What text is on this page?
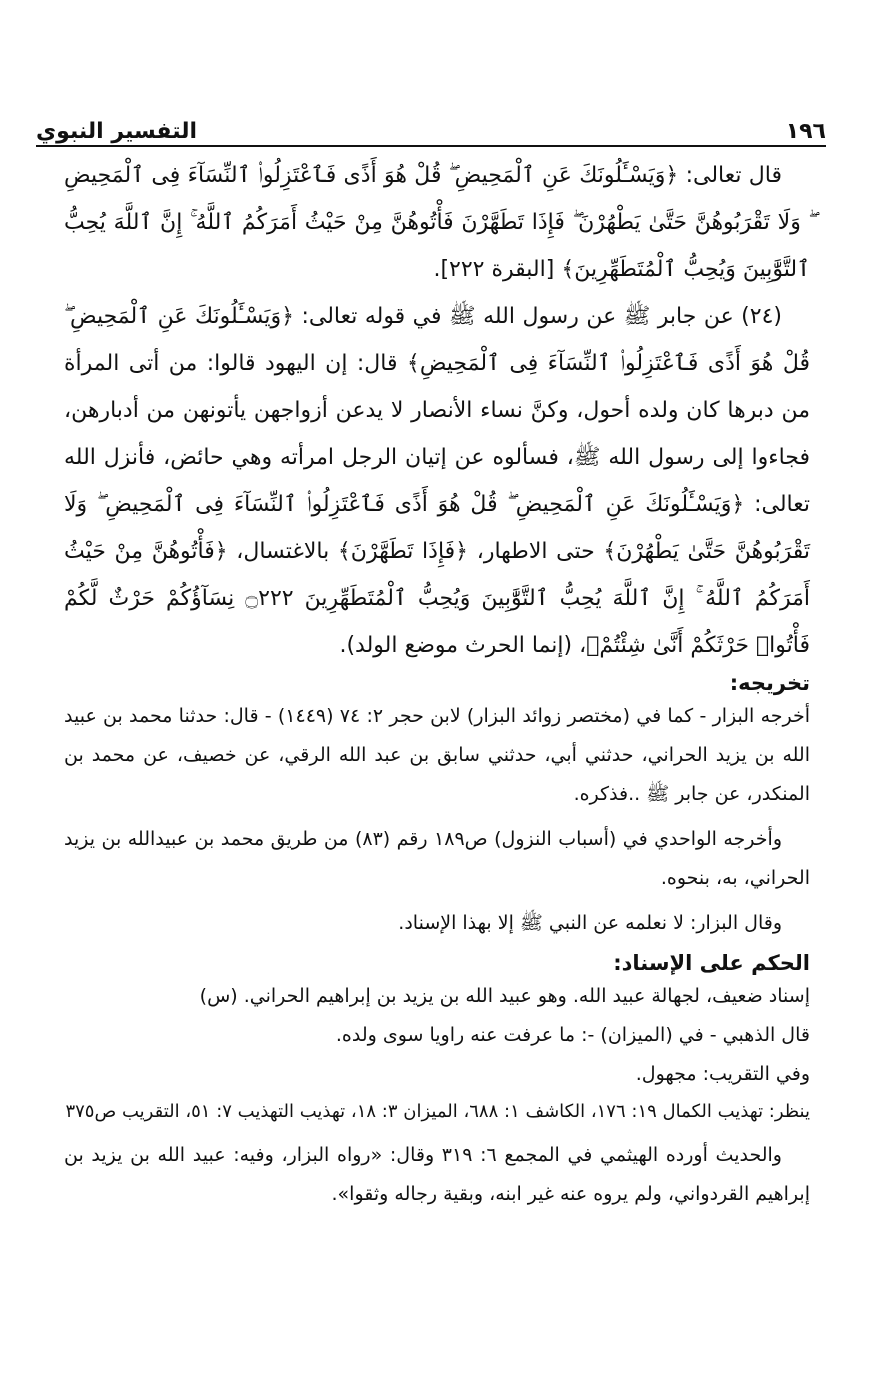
١٩٦
التفسير النبوي

قال تعالى: ﴿وَيَسْـَٔلُونَكَ عَنِ ٱلْمَحِيضِ ۖ قُلْ هُوَ أَذًى فَٱعْتَزِلُوا۟ ٱلنِّسَآءَ فِى ٱلْمَحِيضِ ۖ وَلَا تَقْرَبُوهُنَّ حَتَّىٰ يَطْهُرْنَ ۖ فَإِذَا تَطَهَّرْنَ فَأْتُوهُنَّ مِنْ حَيْثُ أَمَرَكُمُ ٱللَّهُ ۚ إِنَّ ٱللَّهَ يُحِبُّ ٱلتَّوَّٰبِينَ وَيُحِبُّ ٱلْمُتَطَهِّرِينَ﴾ [البقرة ٢٢٢].

(٢٤) عن جابر ﷺ عن رسول الله ﷺ في قوله تعالى: ﴿وَيَسْـَٔلُونَكَ عَنِ ٱلْمَحِيضِ ۖ قُلْ هُوَ أَذًى فَٱعْتَزِلُوا۟ ٱلنِّسَآءَ فِى ٱلْمَحِيضِ﴾ قال: إن اليهود قالوا: من أتى المرأة من دبرها كان ولده أحول، وكنَّ نساء الأنصار لا يدعن أزواجهن يأتونهن من أدبارهن، فجاءوا إلى رسول الله ﷺ، فسألوه عن إتيان الرجل امرأته وهي حائض، فأنزل الله تعالى: ﴿وَيَسْـَٔلُونَكَ عَنِ ٱلْمَحِيضِ ۖ قُلْ هُوَ أَذًى فَٱعْتَزِلُوا۟ ٱلنِّسَآءَ فِى ٱلْمَحِيضِ ۖ وَلَا تَقْرَبُوهُنَّ حَتَّىٰ يَطْهُرْنَ﴾ حتى الاطهار، ﴿فَإِذَا تَطَهَّرْنَ﴾ بالاغتسال، ﴿فَأْتُوهُنَّ مِنْ حَيْثُ أَمَرَكُمُ ٱللَّهُ ۚ إِنَّ ٱللَّهَ يُحِبُّ ٱلتَّوَّٰبِينَ وَيُحِبُّ ٱلْمُتَطَهِّرِينَ ۝٢٢٢ نِسَآؤُكُمْ حَرْثٌ لَّكُمْ فَأْتُوا۟ حَرْثَكُمْ أَنَّىٰ شِئْتُمْ﴾، (إنما الحرث موضع الولد).

تخريجه:

أخرجه البزار - كما في (مختصر زوائد البزار) لابن حجر ٢: ٧٤ (١٤٤٩) - قال: حدثنا محمد بن عبيد الله بن يزيد الحراني، حدثني أبي، حدثني سابق بن عبد الله الرقي، عن خصيف، عن محمد بن المنكدر، عن جابر ﷺ ..فذكره.

وأخرجه الواحدي في (أسباب النزول) ص١٨٩ رقم (٨٣) من طريق محمد بن عبيدالله بن يزيد الحراني، به، بنحوه.

وقال البزار: لا نعلمه عن النبي ﷺ إلا بهذا الإسناد.

الحكم على الإسناد:

إسناد ضعيف، لجهالة عبيد الله. وهو عبيد الله بن يزيد بن إبراهيم الحراني. (س)

قال الذهبي - في (الميزان) -: ما عرفت عنه راويا سوى ولده.

وفي التقريب: مجهول.

ينظر: تهذيب الكمال ١٩: ١٧٦، الكاشف ١: ٦٨٨، الميزان ٣: ١٨، تهذيب التهذيب ٧: ٥١، التقريب ص٣٧٥

والحديث أورده الهيثمي في المجمع ٦: ٣١٩ وقال: «رواه البزار، وفيه: عبيد الله بن يزيد بن إبراهيم القردواني، ولم يروه عنه غير ابنه، وبقية رجاله وثقوا».
